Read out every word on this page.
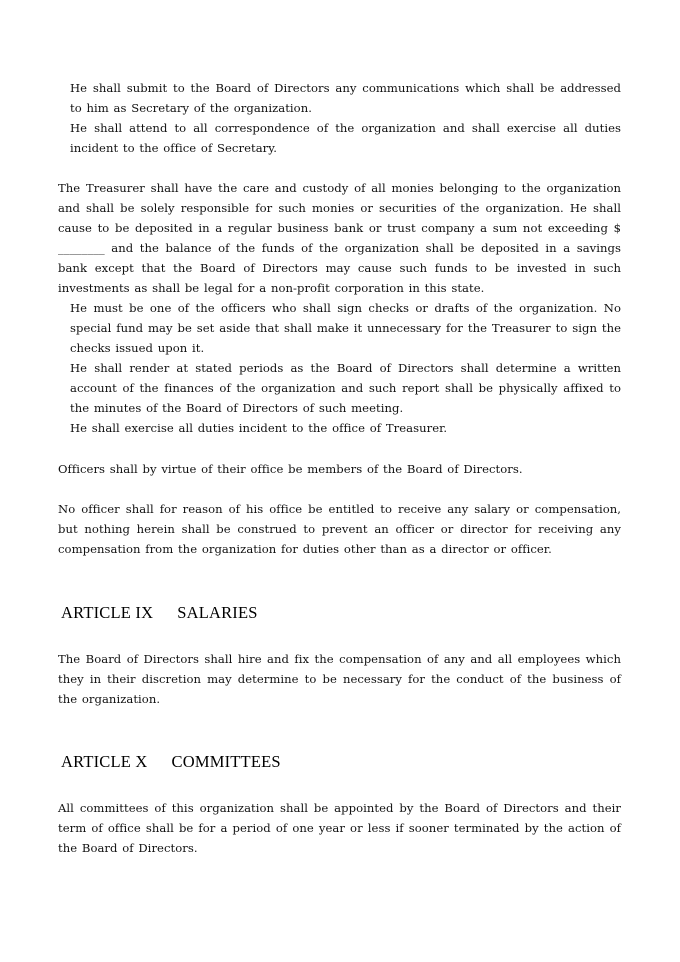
He shall submit to the Board of Directors any communications which shall be addressed to him as Secretary of the organization.

He shall attend to all correspondence of the organization and shall exercise all duties incident to the office of Secretary.

The Treasurer shall have the care and custody of all monies belonging to the organization and shall be solely responsible for such monies or securities of the organization. He shall cause to be deposited in a regular business bank or trust company a sum not exceeding $ ________ and the balance of the funds of the organization shall be deposited in a savings bank except that the Board of Directors may cause such funds to be invested in such investments as shall be legal for a non-profit corporation in this state.

He must be one of the officers who shall sign checks or drafts of the organization. No special fund may be set aside that shall make it unnecessary for the Treasurer to sign the checks issued upon it.

He shall render at stated periods as the Board of Directors shall determine a written account of the finances of the organization and such report shall be physically affixed to the minutes of the Board of Directors of such meeting.

He shall exercise all duties incident to the office of Treasurer.

Officers shall by virtue of their office be members of the Board of Directors.

No officer shall for reason of his office be entitled to receive any salary or compensation, but nothing herein shall be construed to prevent an officer or director for receiving any compensation from the organization for duties other than as a director or officer.

ARTICLE IX SALARIES

The Board of Directors shall hire and fix the compensation of any and all employees which they in their discretion may determine to be necessary for the conduct of the business of the organization.

ARTICLE X COMMITTEES

All committees of this organization shall be appointed by the Board of Directors and their term of office shall be for a period of one year or less if sooner terminated by the action of the Board of Directors.
